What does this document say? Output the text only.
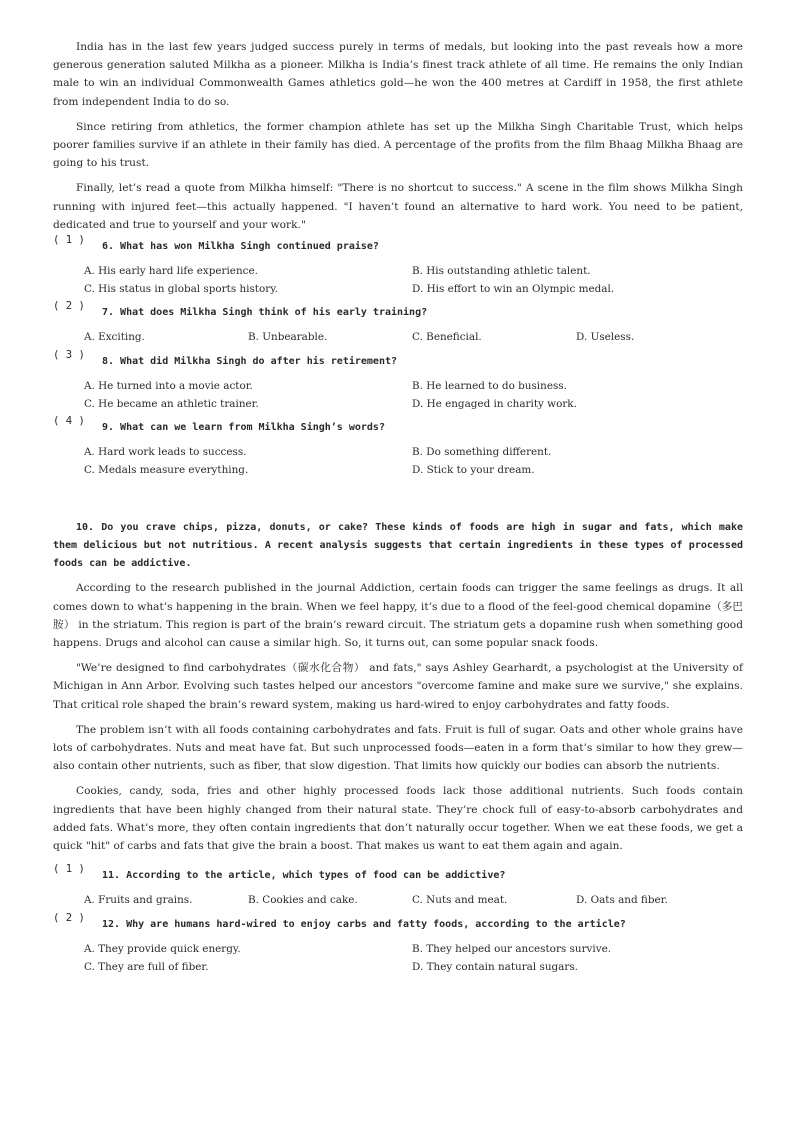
India has in the last few years judged success purely in terms of medals, but looking into the past reveals how a more generous generation saluted Milkha as a pioneer. Milkha is India’s finest track athlete of all time. He remains the only Indian male to win an individual Commonwealth Games athletics gold—he won the 400 metres at Cardiff in 1958, the first athlete from independent India to do so.

Since retiring from athletics, the former champion athlete has set up the Milkha Singh Charitable Trust, which helps poorer families survive if an athlete in their family has died. A percentage of the profits from the film Bhaag Milkha Bhaag are going to his trust.

Finally, let’s read a quote from Milkha himself: "There is no shortcut to success." A scene in the film shows Milkha Singh running with injured feet—this actually happened. "I haven’t found an alternative to hard work. You need to be patient, dedicated and true to yourself and your work."

( 1 )
6. What has won Milkha Singh continued praise?
A. His early hard life experience.	B. His outstanding athletic talent.
C. His status in global sports history.	D. His effort to win an Olympic medal.
( 2 )
7. What does Milkha Singh think of his early training?
A. Exciting.	B. Unbearable.	C. Beneficial.	D. Useless.
( 3 )
8. What did Milkha Singh do after his retirement?
A. He turned into a movie actor.	B. He learned to do business.
C. He became an athletic trainer.	D. He engaged in charity work.
( 4 )
9. What can we learn from Milkha Singh’s words?
A. Hard work leads to success.	B. Do something different.
C. Medals measure everything.	D. Stick to your dream.

10. Do you crave chips, pizza, donuts, or cake? These kinds of foods are high in sugar and fats, which make them delicious but not nutritious. A recent analysis suggests that certain ingredients in these types of processed foods can be addictive.

According to the research published in the journal Addiction, certain foods can trigger the same feelings as drugs. It all comes down to what’s happening in the brain. When we feel happy, it’s due to a flood of the feel-good chemical dopamine（多巴胺） in the striatum. This region is part of the brain’s reward circuit. The striatum gets a dopamine rush when something good happens. Drugs and alcohol can cause a similar high. So, it turns out, can some popular snack foods.

"We’re designed to find carbohydrates（碳水化合物） and fats," says Ashley Gearhardt, a psychologist at the University of Michigan in Ann Arbor. Evolving such tastes helped our ancestors "overcome famine and make sure we survive," she explains. That critical role shaped the brain’s reward system, making us hard-wired to enjoy carbohydrates and fatty foods.

The problem isn’t with all foods containing carbohydrates and fats. Fruit is full of sugar. Oats and other whole grains have lots of carbohydrates. Nuts and meat have fat. But such unprocessed foods—eaten in a form that’s similar to how they grew—also contain other nutrients, such as fiber, that slow digestion. That limits how quickly our bodies can absorb the nutrients.

Cookies, candy, soda, fries and other highly processed foods lack those additional nutrients. Such foods contain ingredients that have been highly changed from their natural state. They’re chock full of easy-to-absorb carbohydrates and added fats. What’s more, they often contain ingredients that don’t naturally occur together. When we eat these foods, we get a quick "hit" of carbs and fats that give the brain a boost. That makes us want to eat them again and again.

( 1 )
11. According to the article, which types of food can be addictive?
A. Fruits and grains.	B. Cookies and cake.	C. Nuts and meat.	D. Oats and fiber.
( 2 )
12. Why are humans hard-wired to enjoy carbs and fatty foods, according to the article?
A. They provide quick energy.	B. They helped our ancestors survive.
C. They are full of fiber.	D. They contain natural sugars.
